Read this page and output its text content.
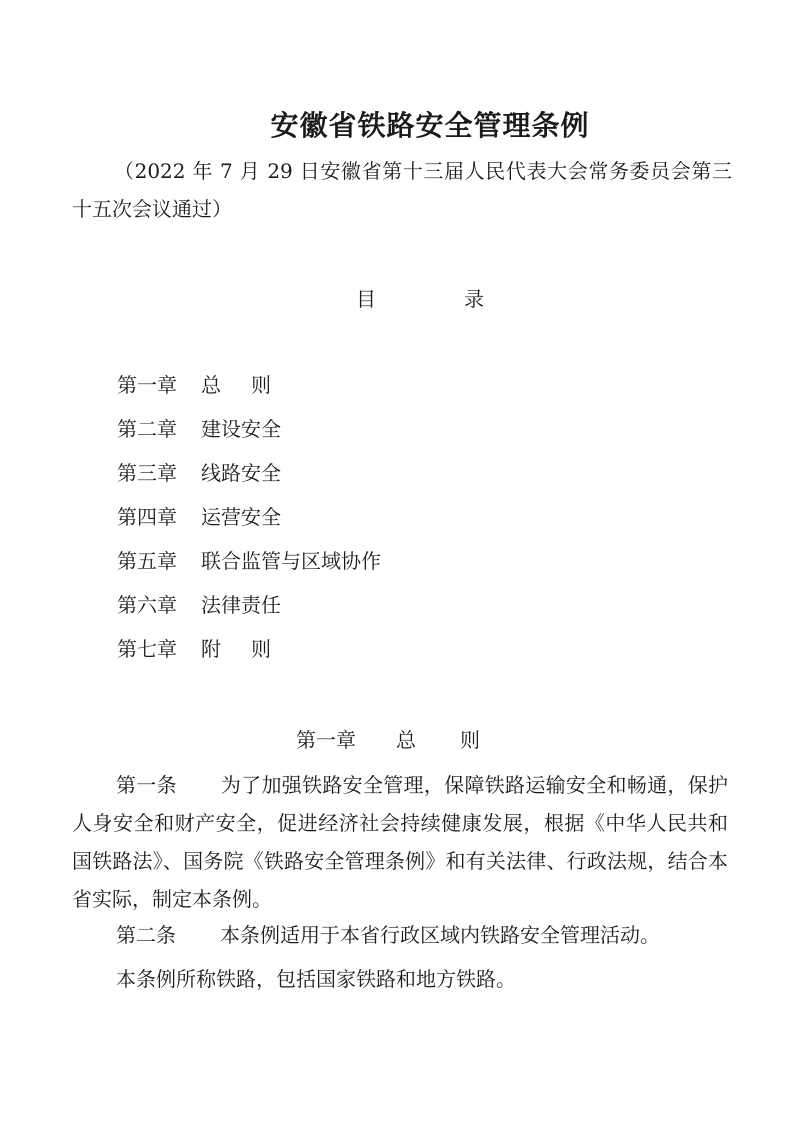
安徽省铁路安全管理条例
（2022 年 7 月 29 日安徽省第十三届人民代表大会常务委员会第三十五次会议通过）
目	录
第一章 总则
第二章 建设安全
第三章 线路安全
第四章 运营安全
第五章 联合监管与区域协作
第六章 法律责任
第七章 附则
第一章 总则

第一条 为了加强铁路安全管理，保障铁路运输安全和畅通，保护人身安全和财产安全，促进经济社会持续健康发展，根据《中华人民共和国铁路法》、国务院《铁路安全管理条例》和有关法律、行政法规，结合本省实际，制定本条例。

第二条 本条例适用于本省行政区域内铁路安全管理活动。

本条例所称铁路，包括国家铁路和地方铁路。
